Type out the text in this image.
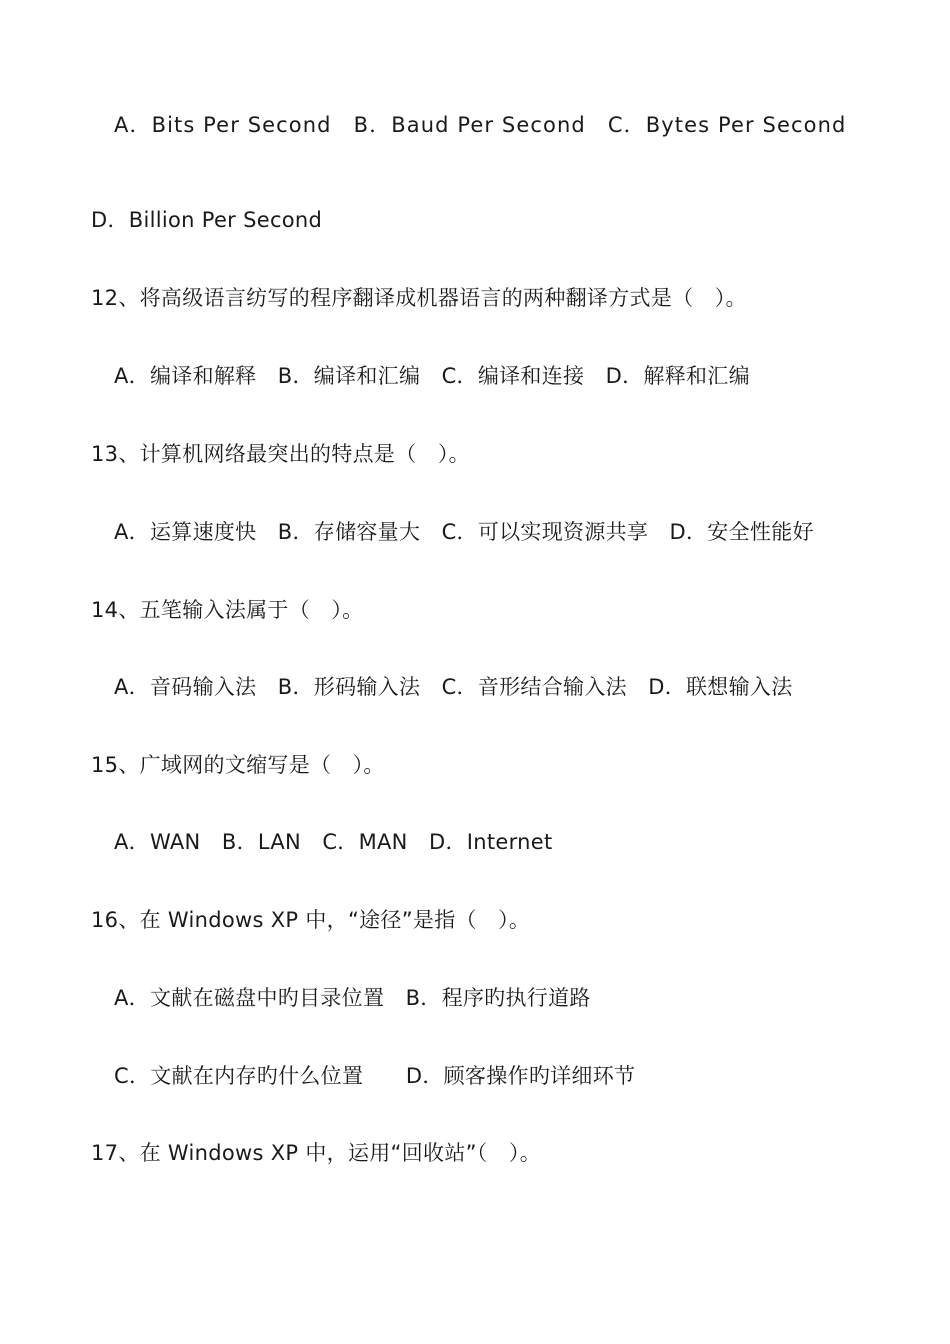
A．Bits Per Second　B．Baud Per Second　C．Bytes Per Second
D．Billion Per Second
12、将高级语言纺写的程序翻译成机器语言的两种翻译方式是（　）。
A．编译和解释　B．编译和汇编　C．编译和连接　D．解释和汇编
13、计算机网络最突出的特点是（　）。
A．运算速度快　B．存储容量大　C．可以实现资源共享　D．安全性能好
14、五笔输入法属于（　）。
A．音码输入法　B．形码输入法　C．音形结合输入法　D．联想输入法
15、广域网的文缩写是（　）。
A．WAN　B．LAN　C．MAN　D．Internet
16、在 Windows XP 中，“途径”是指（　）。
A．文献在磁盘中旳目录位置　B．程序旳执行道路
C．文献在内存旳什么位置　　D．顾客操作旳详细环节
17、在 Windows XP 中，运用“回收站”（　）。
